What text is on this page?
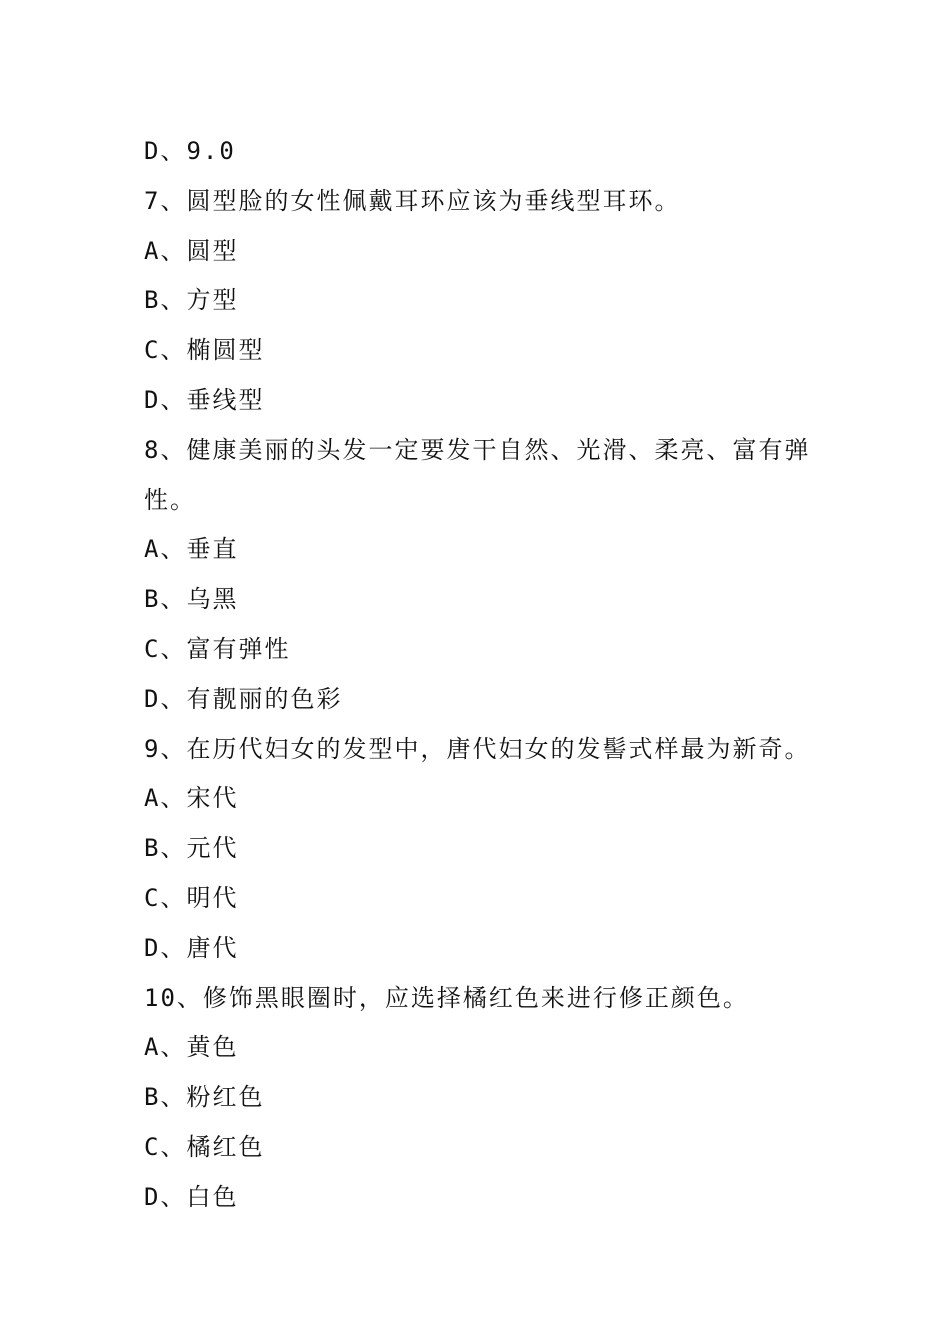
D、9.0
7、圆型脸的女性佩戴耳环应该为垂线型耳环。
A、圆型
B、方型
C、椭圆型
D、垂线型
8、健康美丽的头发一定要发干自然、光滑、柔亮、富有弹
性。
A、垂直
B、乌黑
C、富有弹性
D、有靓丽的色彩
9、在历代妇女的发型中，唐代妇女的发髻式样最为新奇。
A、宋代
B、元代
C、明代
D、唐代
10、修饰黑眼圈时，应选择橘红色来进行修正颜色。
A、黄色
B、粉红色
C、橘红色
D、白色
